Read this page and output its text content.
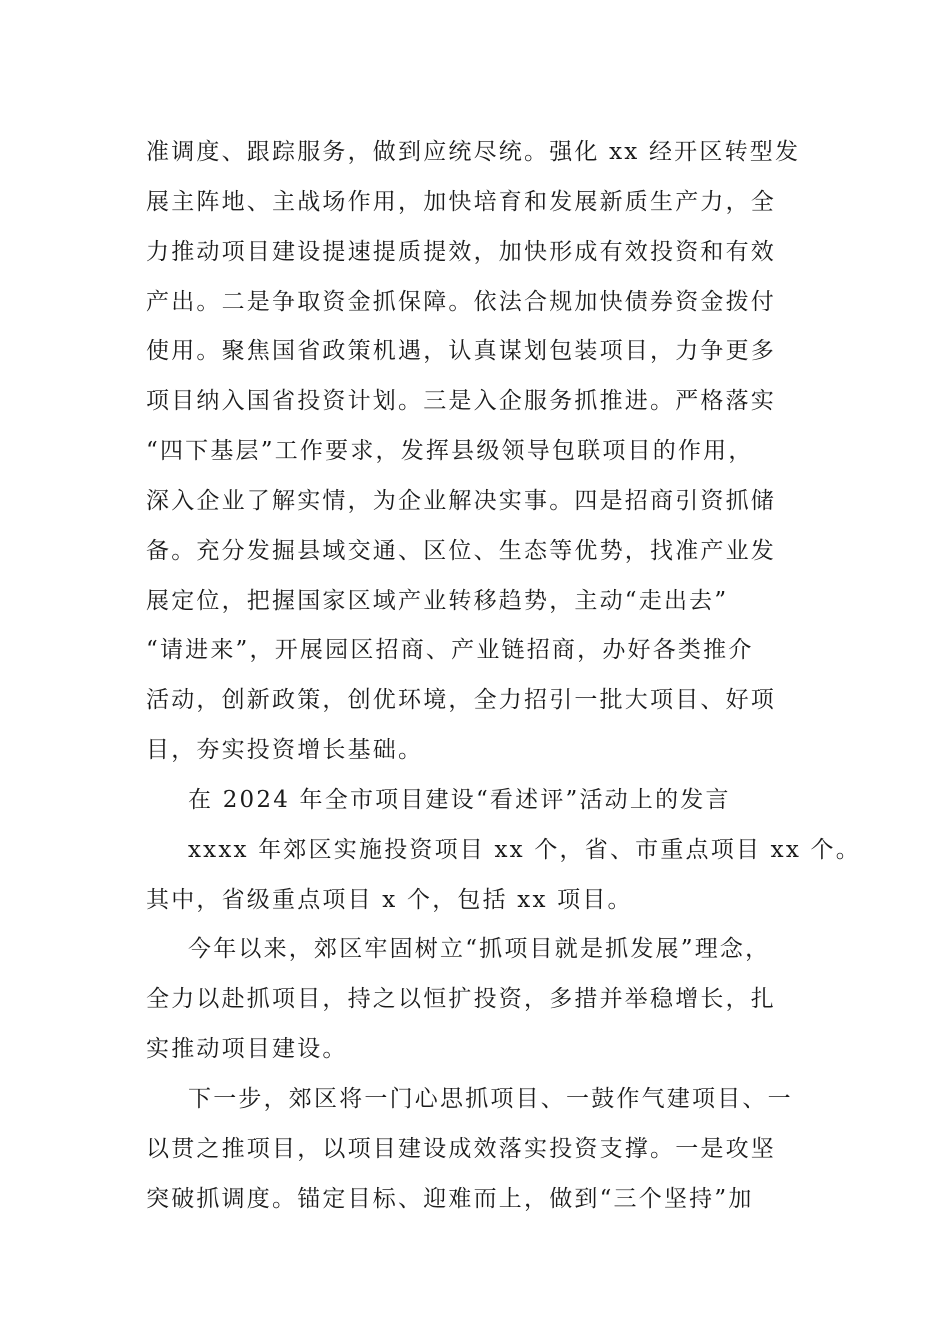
准调度、跟踪服务，做到应统尽统。强化 xx 经开区转型发
展主阵地、主战场作用，加快培育和发展新质生产力，全
力推动项目建设提速提质提效，加快形成有效投资和有效
产出。二是争取资金抓保障。依法合规加快债券资金拨付
使用。聚焦国省政策机遇，认真谋划包装项目，力争更多
项目纳入国省投资计划。三是入企服务抓推进。严格落实
“四下基层”工作要求，发挥县级领导包联项目的作用，
深入企业了解实情，为企业解决实事。四是招商引资抓储
备。充分发掘县域交通、区位、生态等优势，找准产业发
展定位，把握国家区域产业转移趋势，主动“走出去”
“请进来”，开展园区招商、产业链招商，办好各类推介
活动，创新政策，创优环境，全力招引一批大项目、好项
目，夯实投资增长基础。
在 2024 年全市项目建设“看述评”活动上的发言
xxxx 年郊区实施投资项目 xx 个，省、市重点项目 xx 个。
其中，省级重点项目 x 个，包括 xx 项目。
今年以来，郊区牢固树立“抓项目就是抓发展”理念，
全力以赴抓项目，持之以恒扩投资，多措并举稳增长，扎
实推动项目建设。
下一步，郊区将一门心思抓项目、一鼓作气建项目、一
以贯之推项目，以项目建设成效落实投资支撑。一是攻坚
突破抓调度。锚定目标、迎难而上，做到“三个坚持”加
